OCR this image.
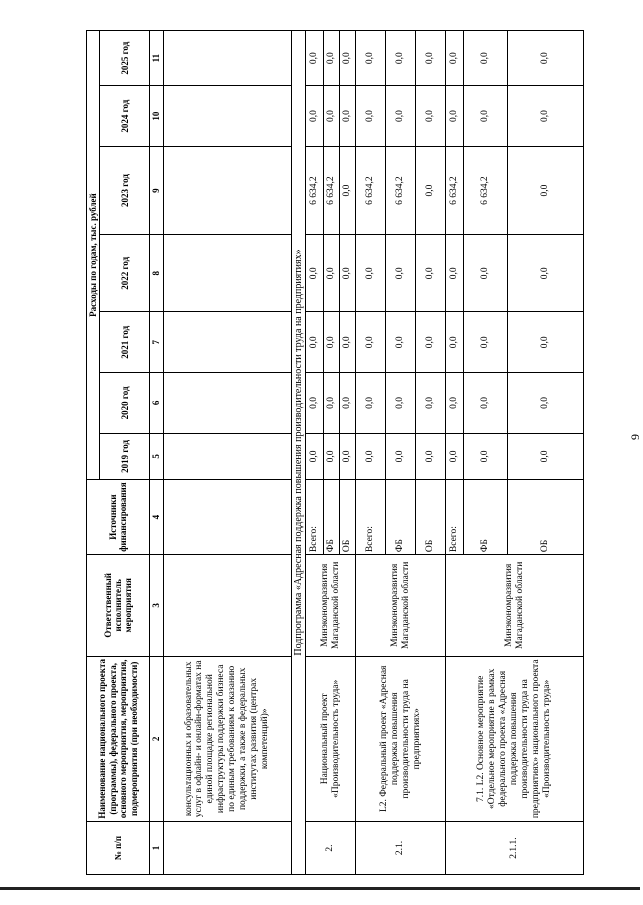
9
№ п/п	Наименование национального проекта (программы), федерального проекта, основного мероприятия, мероприятия, подмероприятия (при необходимости)	Ответственный исполнитель мероприятия	Источники финансирования	Расходы по годам, тыс. рублей						
				2019 год	2020 год	2021 год	2022 год	2023 год	2024 год	2025 год
1	2	3	4	5	6	7	8	9	10	11
	консультационных и образовательных услуг в офлайн- и онлайн-форматах на единой площадке региональной инфраструктуры поддержки бизнеса по единым требованиям к оказанию поддержки, а также в федеральных институтах развития (центрах компетенций)»									
Подпрограмма «Адресная поддержка повышения производительности труда на предприятиях»										
2.	Национальный проект «Производительность труда»	Минэкономразвития Магаданской области	Всего:	0,0	0,0	0,0	0,0	6 634,2	0,0	0,0
			ФБ	0,0	0,0	0,0	0,0	6 634,2	0,0	0,0
			ОБ	0,0	0,0	0,0	0,0	0,0	0,0	0,0
2.1.	L2. Федеральный проект «Адресная поддержка повышения производительности труда на предприятиях»	Минэкономразвития Магаданской области	Всего:	0,0	0,0	0,0	0,0	6 634,2	0,0	0,0
			ФБ	0,0	0,0	0,0	0,0	6 634,2	0,0	0,0
			ОБ	0,0	0,0	0,0	0,0	0,0	0,0	0,0
2.1.1.	7.1. L2. Основное мероприятие «Отдельное мероприятие в рамках федерального проекта «Адресная поддержка повышения производительности труда на предприятиях» национального проекта «Производительность труда»	Минэкономразвития Магаданской области	Всего:	0,0	0,0	0,0	0,0	6 634,2	0,0	0,0
			ФБ	0,0	0,0	0,0	0,0	6 634,2	0,0	0,0
			ОБ	0,0	0,0	0,0	0,0	0,0	0,0	0,0
